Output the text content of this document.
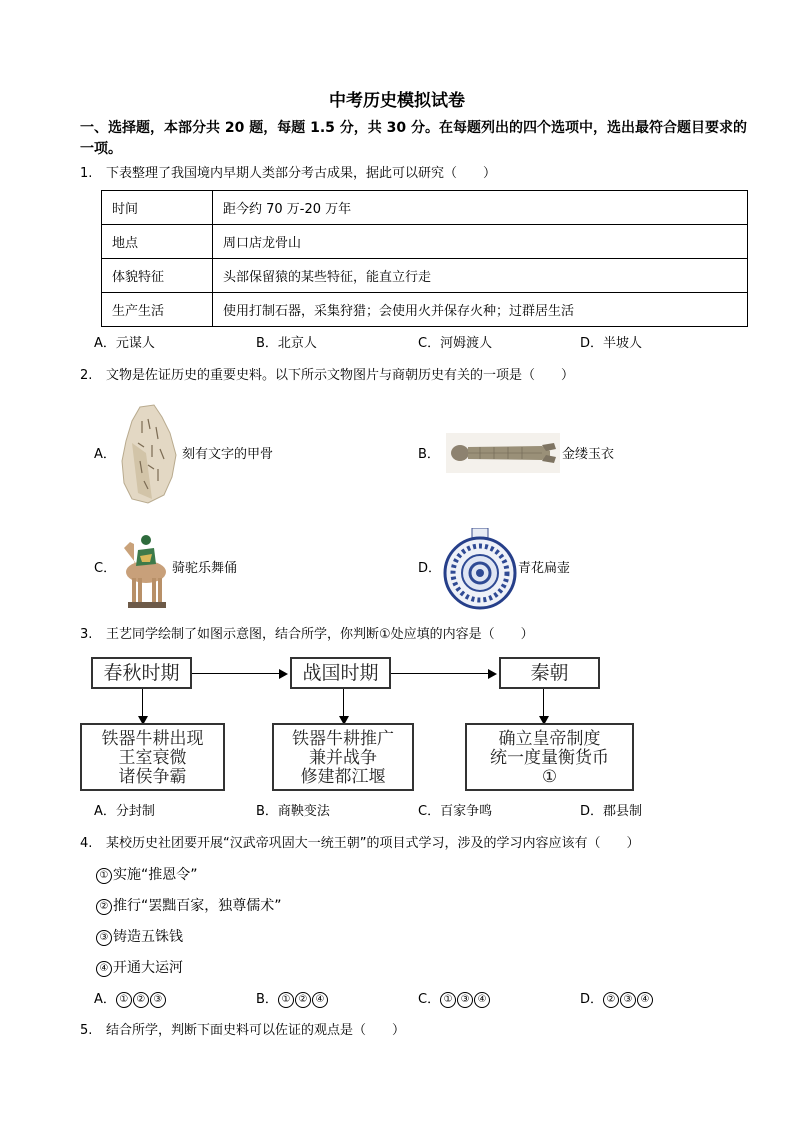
中考历史模拟试卷
一、选择题，本部分共 20 题，每题 1.5 分，共 30 分。在每题列出的四个选项中，选出最符合题目要求的一项。
1. 下表整理了我国境内早期人类部分考古成果，据此可以研究（　　）
时间	距今约 70 万-20 万年
地点	周口店龙骨山
体貌特征	头部保留猿的某些特征，能直立行走
生产生活	使用打制石器，采集狩猎；会使用火并保存火种；过群居生活
A．元谋人	B．北京人	C．河姆渡人	D．半坡人
2. 文物是佐证历史的重要史料。以下所示文物图片与商朝历史有关的一项是（　　）
A．	刻有文字的甲骨	B．	金缕玉衣
C．	骑驼乐舞俑	D．	青花扁壶
3. 王艺同学绘制了如图示意图，结合所学，你判断①处应填的内容是（　　）
春秋时期	战国时期	秦朝
铁器牛耕出现
王室衰微
诸侯争霸
铁器牛耕推广
兼并战争
修建都江堰
确立皇帝制度
统一度量衡货币
①
A．分封制	B．商鞅变法	C．百家争鸣	D．郡县制
4. 某校历史社团要开展“汉武帝巩固大一统王朝”的项目式学习，涉及的学习内容应该有（　　）
① 实施“推恩令”
② 推行“罢黜百家，独尊儒术”
③ 铸造五铢钱
④ 开通大运河
A． ① ② ③	B． ① ② ④	C． ① ③ ④	D． ② ③ ④
5. 结合所学，判断下面史料可以佐证的观点是（　　）
